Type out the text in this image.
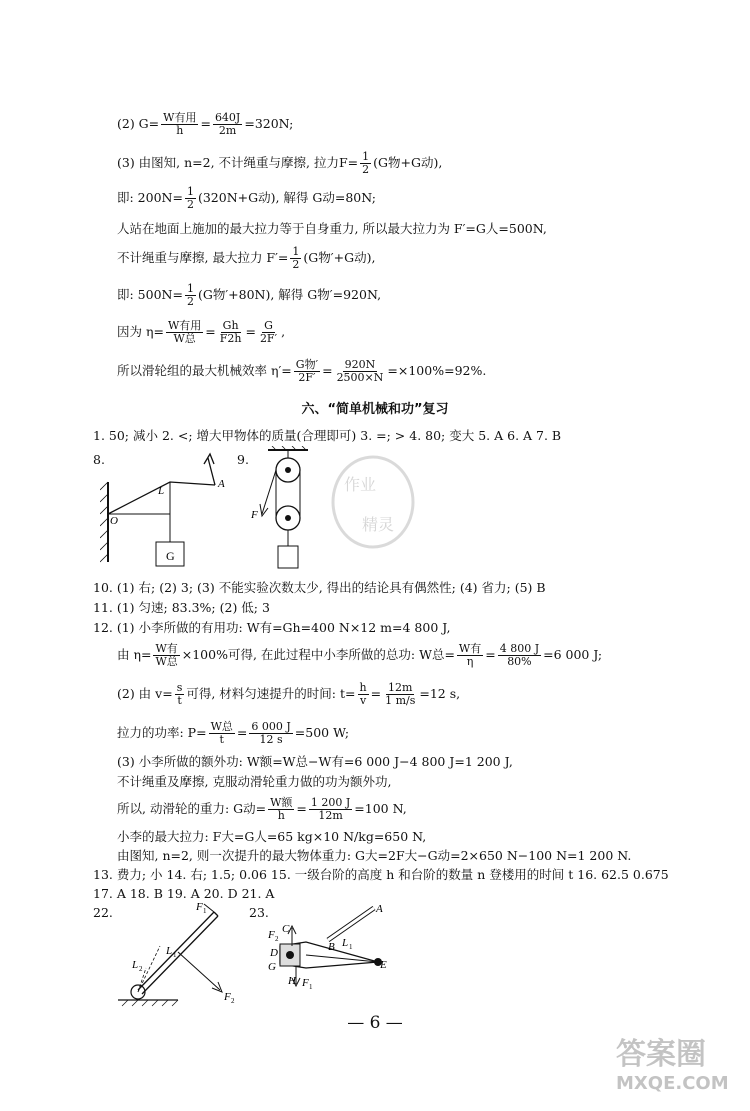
(2) $G= \frac{\text{W有用}}{h} = \frac{640J}{2m} =320N$;
(3) 由图知, n=2, 不计绳重与摩擦, 拉力$F= \frac{1}{2} (G$物+G动),
即: $200N= \frac{1}{2} (320N+G$动), 解得 G动=80N;
人站在地面上施加的最大拉力等于自身重力, 所以最大拉力为 F′=G人=500N,
不计绳重与摩擦, 最大拉力 $F'= \frac{1}{2} (G$物′+G动),
即: $500N= \frac{1}{2} (G$物′+80N), 解得 G物′=920N,
因为 $\eta= \frac{\text{W有用}}{\text{W总}} = \frac{Gh}{F2h} = \frac{G}{2F'}$ ,
所以滑轮组的最大机械效率 $\eta'= \frac{\text{G物′}}{2F'} = \frac{920N}{2500\times N} =\times 100\%=92\%$.
六、“简单机械和功”复习
1. 50; 减小 2. <; 增大甲物体的质量(合理即可) 3. =; > 4. 80; 变大 5. A 6. A 7. B
8.	9.
G
A
L
O	F
作业
精灵
10. (1) 右; (2) 3; (3) 不能实验次数太少, 得出的结论具有偶然性; (4) 省力; (5) B
11. (1) 匀速; 83.3%; (2) 低; 3
12. (1) 小李所做的有用功: W有=Gh=400 N×12 m=4 800 J,
由 $\eta= \frac{\text{W有}}{\text{W总}} \times 100\%$可得, 在此过程中小李所做的总功: W总= $\frac{\text{W有}}{\eta} = \frac{4 800 J}{80\%} =6$ 000 J;
(2) 由 $v= \frac{s}{t}$ 可得, 材料匀速提升的时间: $t= \frac{h}{v} = \frac{12m}{1 m/s} =12$ s,
拉力的功率: $P= \frac{\text{W总}}{t} = \frac{6 000 J}{12 s} =500$ W;
(3) 小李所做的额外功: W额=W总−W有=6 000 J−4 800 J=1 200 J,
不计绳重及摩擦, 克服动滑轮重力做的功为额外功,
所以, 动滑轮的重力: G动= $\frac{\text{W额}}{h} = \frac{1 200 J}{12m} =100$ N,
小李的最大拉力: F大=G人=65 kg×10 N/kg=650 N,
由图知, n=2, 则一次提升的最大物体重力: G大=2F大−G动=2×650 N−100 N=1 200 N.
13. 费力; 小 14. 右; 1.5; 0.06 15. 一级台阶的高度 h 和台阶的数量 n 登楼用的时间 t 16. 62.5 0.675
17. A 18. B 19. A 20. D 21. A
22.	23.
F 1
F 2
L 1
L 2
A
B
C
D
E
G
H
F 2
F 1
L 1
— 6 —
答案圈
MXQE.COM
